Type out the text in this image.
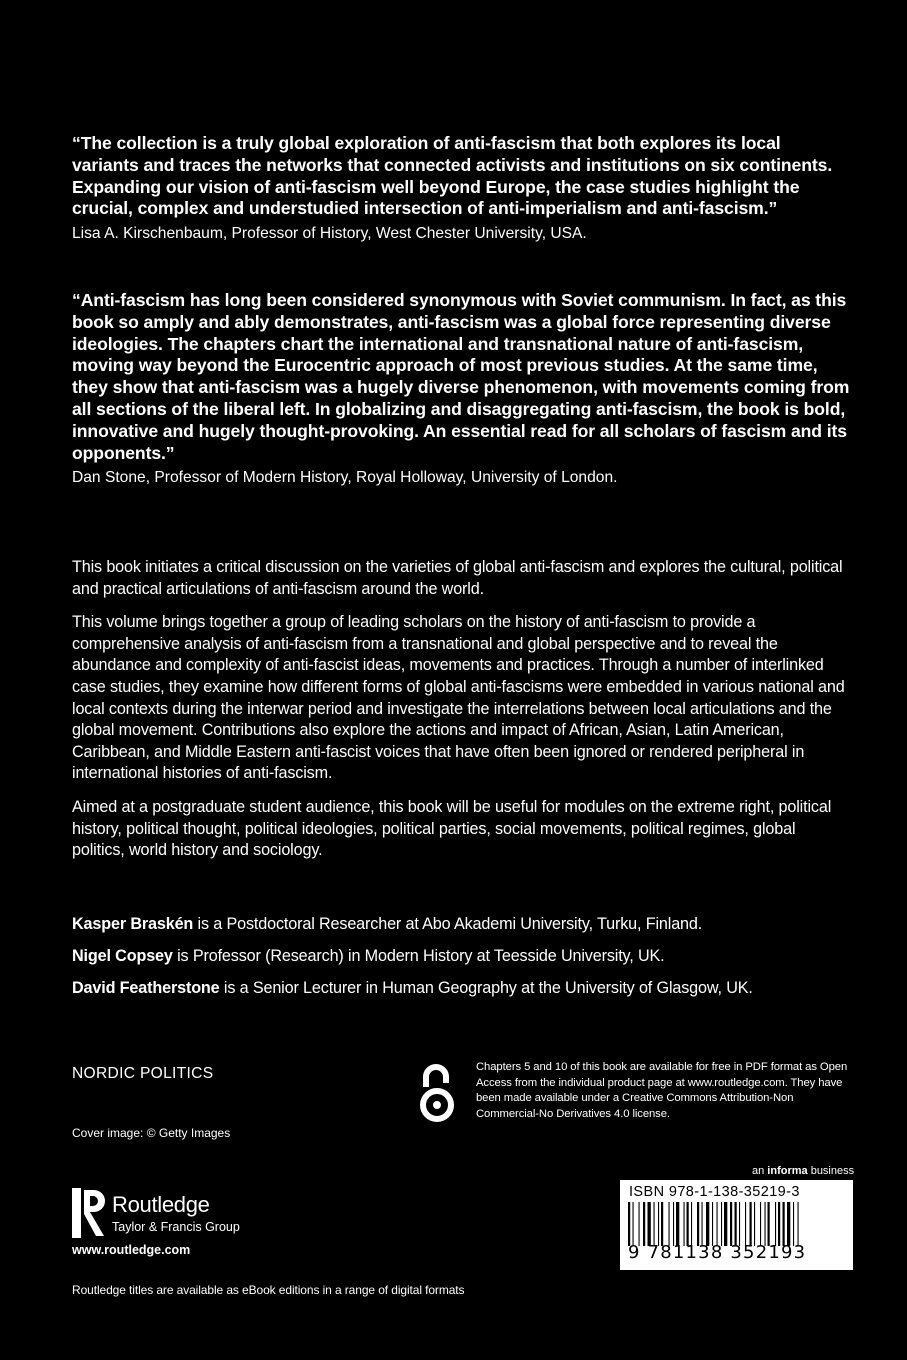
“The collection is a truly global exploration of anti-fascism that both explores its local variants and traces the networks that connected activists and institutions on six continents. Expanding our vision of anti-fascism well beyond Europe, the case studies highlight the crucial, complex and understudied intersection of anti-imperialism and anti-fascism.”
Lisa A. Kirschenbaum, Professor of History, West Chester University, USA.
“Anti-fascism has long been considered synonymous with Soviet communism. In fact, as this book so amply and ably demonstrates, anti-fascism was a global force representing diverse ideologies. The chapters chart the international and transnational nature of anti-fascism, moving way beyond the Eurocentric approach of most previous studies. At the same time, they show that anti-fascism was a hugely diverse phenomenon, with movements coming from all sections of the liberal left. In globalizing and disaggregating anti-fascism, the book is bold, innovative and hugely thought-provoking. An essential read for all scholars of fascism and its opponents.”
Dan Stone, Professor of Modern History, Royal Holloway, University of London.

This book initiates a critical discussion on the varieties of global anti-fascism and explores the cultural, political and practical articulations of anti-fascism around the world.

This volume brings together a group of leading scholars on the history of anti-fascism to provide a comprehensive analysis of anti-fascism from a transnational and global perspective and to reveal the abundance and complexity of anti-fascist ideas, movements and practices. Through a number of interlinked case studies, they examine how different forms of global anti-fascisms were embedded in various national and local contexts during the interwar period and investigate the interrelations between local articulations and the global movement. Contributions also explore the actions and impact of African, Asian, Latin American, Caribbean, and Middle Eastern anti-fascist voices that have often been ignored or rendered peripheral in international histories of anti-fascism.

Aimed at a postgraduate student audience, this book will be useful for modules on the extreme right, political history, political thought, political ideologies, political parties, social movements, political regimes, global politics, world history and sociology.

Kasper Braskén is a Postdoctoral Researcher at Abo Akademi University, Turku, Finland.
Nigel Copsey is Professor (Research) in Modern History at Teesside University, UK.
David Featherstone is a Senior Lecturer in Human Geography at the University of Glasgow, UK.
NORDIC POLITICS	Chapters 5 and 10 of this book are available for free in PDF format as Open Access from the individual product page at www.routledge.com. They have been made available under a Creative Commons Attribution-Non Commercial-No Derivatives 4.0 license.
Cover image: © Getty Images
an informa business
ISBN 978-1-138-35219-3
9 781138 352193
Routledge
Taylor & Francis Group
www.routledge.com
Routledge titles are available as eBook editions in a range of digital formats
